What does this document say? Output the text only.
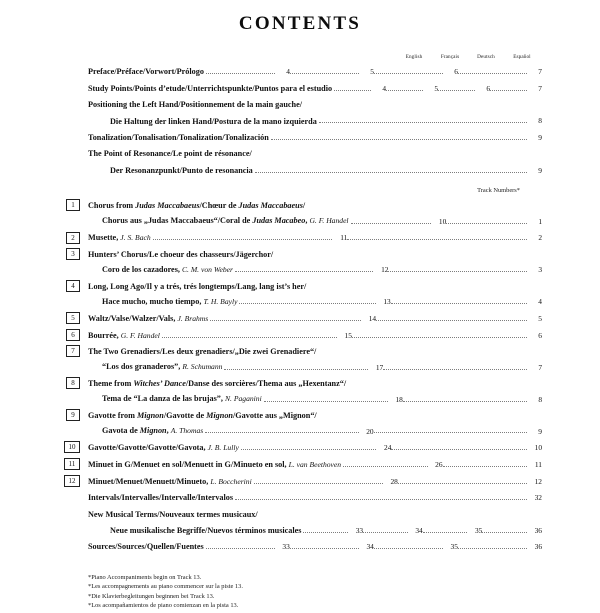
CONTENTS
English	Français	Deutsch	Español
Preface/Préface/Vorwort/Prólogo	4	5	6	7
Study Points/Points d’etude/Unterrichtspunkte/Puntos para el estudio	4	5	6	7
Positioning the Left Hand/Positionnement de la main gauche/
Die Haltung der linken Hand/Postura de la mano izquierda	8
Tonalization/Tonalisation/Tonalization/Tonalización	9
The Point of Resonance/Le point de résonance/
Der Resonanzpunkt/Punto de resonancia	9
Track Numbers*
1	Chorus from Judas Maccabaeus/Chœur de Judas Maccabaeus/
Chorus aus „Judas Maccabaeus“/Coral de Judas Macabeo, G. F. Handel	10	1
2	Musette, J. S. Bach	11	2
3	Hunters’ Chorus/Le choeur des chasseurs/Jägerchor/
Coro de los cazadores, C. M. von Weber	12	3
4	Long, Long Ago/Il y a trés, trés longtemps/Lang, lang ist’s her/
Hace mucho, mucho tiempo, T. H. Bayly	13	4
5	Waltz/Valse/Walzer/Vals, J. Brahms	14	5
6	Bourrée, G. F. Handel	15	6
7	The Two Grenadiers/Les deux grenadiers/„Die zwei Grenadiere“/
“Los dos granaderos”, R. Schumann	17	7
8	Theme from Witches’ Dance/Danse des sorcières/Thema aus „Hexentanz“/
Tema de “La danza de las brujas”, N. Paganini	18	8
9	Gavotte from Mignon/Gavotte de Mignon/Gavotte aus „Mignon“/
Gavota de Mignon, A. Thomas	20	9
10	Gavotte/Gavotte/Gavotte/Gavota, J. B. Lully	24	10
11	Minuet in G/Menuet en sol/Menuett in G/Minueto en sol, L. van Beethoven	26	11
12	Minuet/Menuet/Menuett/Minueto, L. Boccherini	28	12
Intervals/Intervalles/Intervalle/Intervalos	32
New Musical Terms/Nouveaux termes musicaux/
Neue musikalische Begriffe/Nuevos términos musicales	33	34	35	36
Sources/Sources/Quellen/Fuentes	33	34	35	36
*Piano Accompaniments begin on Track 13.
*Les accompagnements au piano commencer sur la piste 13.
*Die Klavierbegleitungen beginnen bei Track 13.
*Los acompañamientos de piano comienzan en la pista 13.
